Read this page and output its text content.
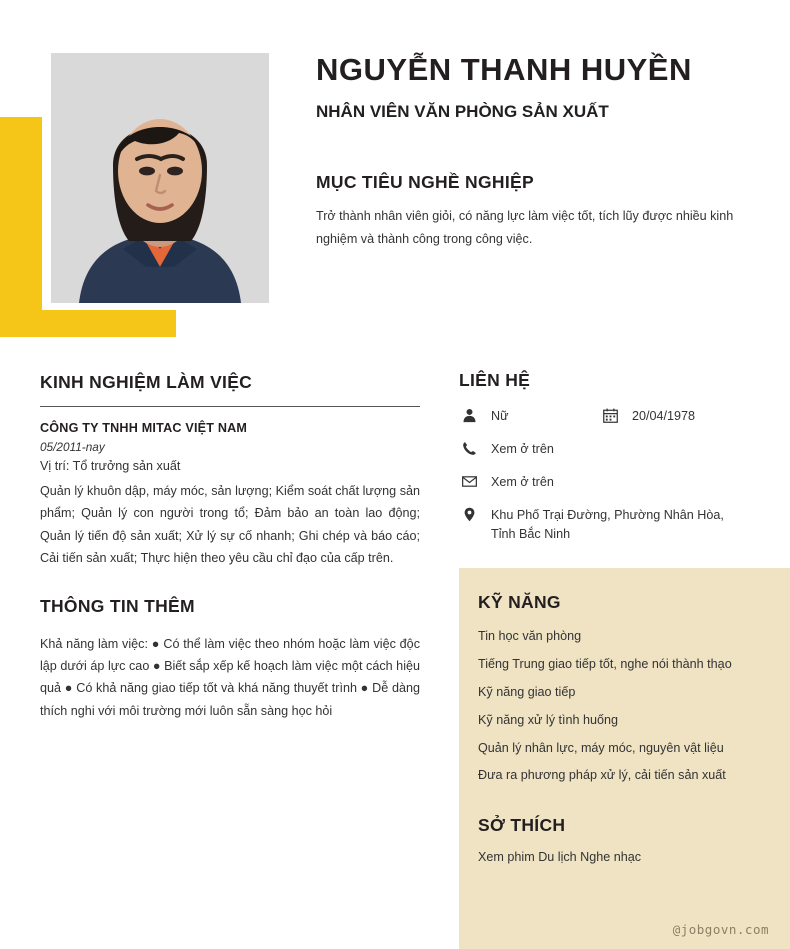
NGUYỄN THANH HUYỀN
NHÂN VIÊN VĂN PHÒNG SẢN XUẤT
MỤC TIÊU NGHỀ NGHIỆP
Trở thành nhân viên giỏi, có năng lực làm việc tốt, tích lũy được nhiều kinh nghiệm và thành công trong công việc.
KINH NGHIỆM LÀM VIỆC

CÔNG TY TNHH MITAC VIỆT NAM

05/2011-nay

Vị trí: Tổ trưởng sản xuất

Quản lý khuôn dập, máy móc, sản lượng; Kiểm soát chất lượng sản phẩm; Quản lý con người trong tổ; Đảm bảo an toàn lao động; Quản lý tiến độ sản xuất; Xử lý sự cố nhanh; Ghi chép và báo cáo; Cải tiến sản xuất; Thực hiện theo yêu cầu chỉ đạo của cấp trên.

THÔNG TIN THÊM

Khả năng làm việc: ● Có thể làm việc theo nhóm hoặc làm việc độc lập dưới áp lực cao ● Biết sắp xếp kế hoạch làm việc một cách hiệu quả ● Có khả năng giao tiếp tốt và khá năng thuyết trình ● Dễ dàng thích nghi với môi trường mới luôn sẵn sàng học hỏi

LIÊN HỆ
Nữ	20/04/1978
Xem ở trên
Xem ở trên
Khu Phố Trại Đường, Phường Nhân Hòa, Tỉnh Bắc Ninh
KỸ NĂNG
Tin học văn phòng
Tiếng Trung giao tiếp tốt, nghe nói thành thạo
Kỹ năng giao tiếp
Kỹ năng xử lý tình huống
Quản lý nhân lực, máy móc, nguyên vật liệu
Đưa ra phương pháp xử lý, cải tiến sản xuất
SỞ THÍCH
Xem phim Du lịch Nghe nhạc
@jobgovn.com
